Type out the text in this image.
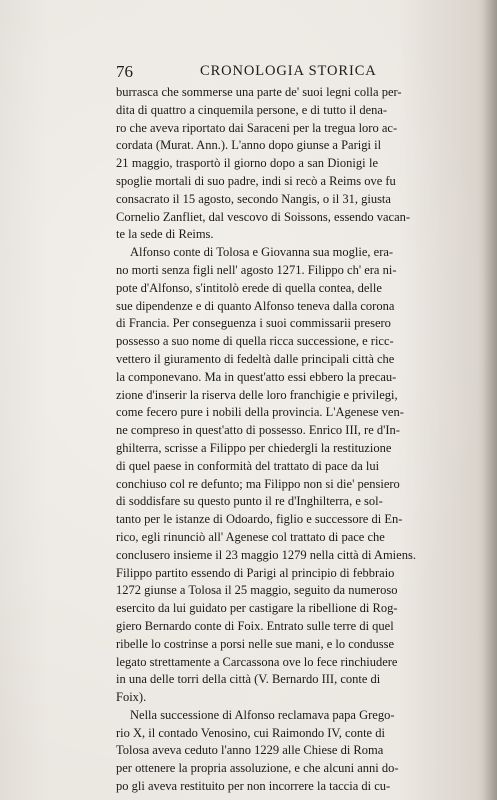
76	CRONOLOGIA STORICA
burrasca che sommerse una parte de' suoi legni colla per-
dita di quattro a cinquemila persone, e di tutto il dena-
ro che aveva riportato dai Saraceni per la tregua loro ac-
cordata (Murat. Ann.). L'anno dopo giunse a Parigi il
21 maggio, trasportò il giorno dopo a san Dionigi le
spoglie mortali di suo padre, indi si recò a Reims ove fu
consacrato il 15 agosto, secondo Nangis, o il 31, giusta
Cornelio Zanfliet, dal vescovo di Soissons, essendo vacan-
te la sede di Reims.
Alfonso conte di Tolosa e Giovanna sua moglie, era-
no morti senza figli nell' agosto 1271. Filippo ch' era ni-
pote d'Alfonso, s'intitolò erede di quella contea, delle
sue dipendenze e di quanto Alfonso teneva dalla corona
di Francia. Per conseguenza i suoi commissarii presero
possesso a suo nome di quella ricca successione, e ricc-
vettero il giuramento di fedeltà dalle principali città che
la componevano. Ma in quest'atto essi ebbero la precau-
zione d'inserir la riserva delle loro franchigie e privilegi,
come fecero pure i nobili della provincia. L'Agenese ven-
ne compreso in quest'atto di possesso. Enrico III, re d'In-
ghilterra, scrisse a Filippo per chiedergli la restituzione
di quel paese in conformità del trattato di pace da lui
conchiuso col re defunto; ma Filippo non si die' pensiero
di soddisfare su questo punto il re d'Inghilterra, e sol-
tanto per le istanze di Odoardo, figlio e successore di En-
rico, egli rinunciò all' Agenese col trattato di pace che
conclusero insieme il 23 maggio 1279 nella città di Amiens.
Filippo partito essendo di Parigi al principio di febbraio
1272 giunse a Tolosa il 25 maggio, seguito da numeroso
esercito da lui guidato per castigare la ribellione di Rog-
giero Bernardo conte di Foix. Entrato sulle terre di quel
ribelle lo costrinse a porsi nelle sue mani, e lo condusse
legato strettamente a Carcassona ove lo fece rinchiudere
in una delle torri della città (V. Bernardo III, conte di
Foix).
Nella successione di Alfonso reclamava papa Grego-
rio X, il contado Venosino, cui Raimondo IV, conte di
Tolosa aveva ceduto l'anno 1229 alle Chiese di Roma
per ottenere la propria assoluzione, e che alcuni anni do-
po gli aveva restituito per non incorrere la taccia di cu-
